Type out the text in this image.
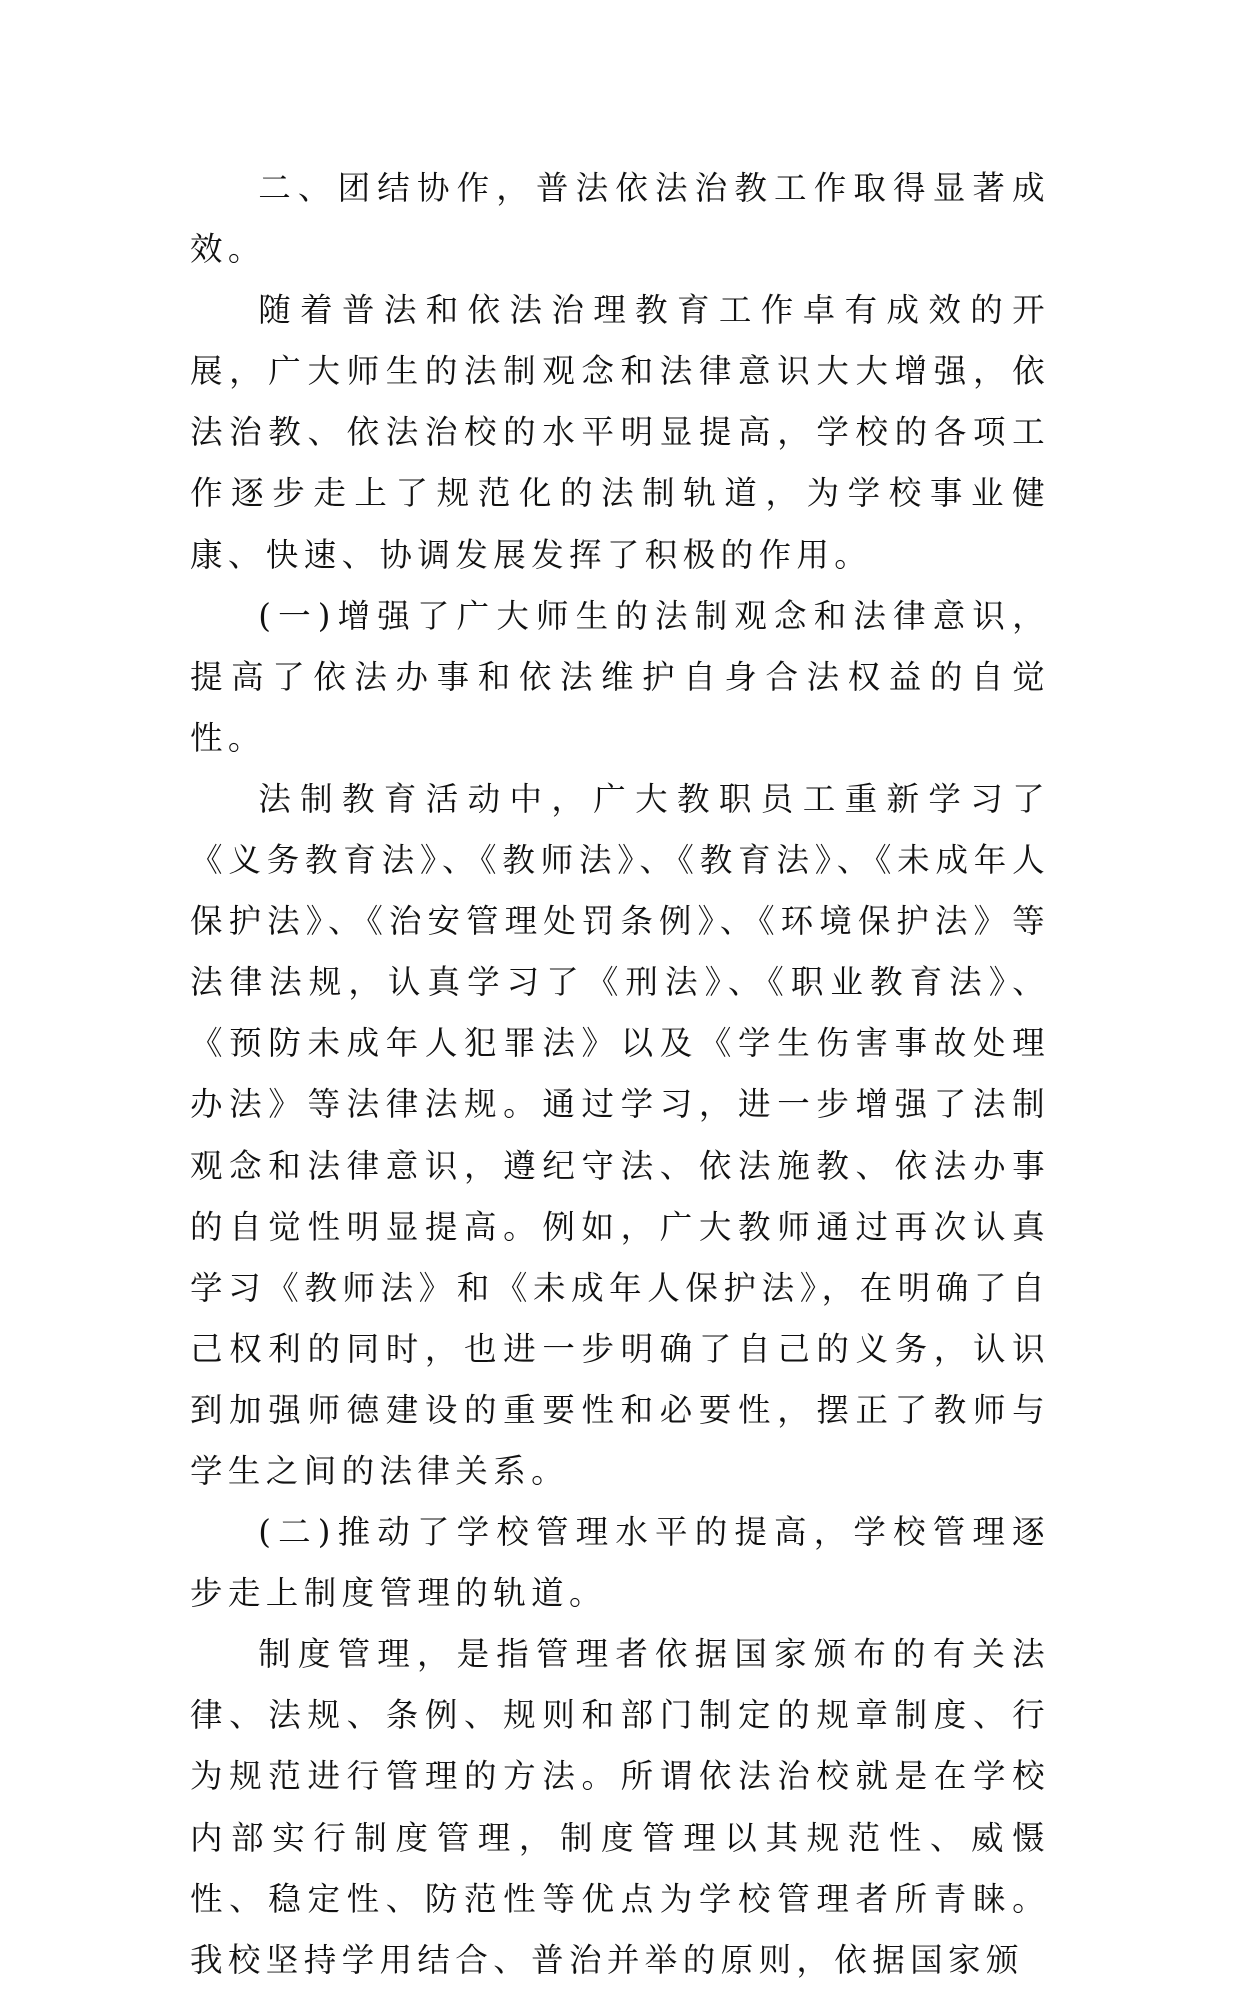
二、团结协作，普法依法治教工作取得显著成效。

随着普法和依法治理教育工作卓有成效的开展，广大师生的法制观念和法律意识大大增强，依法治教、依法治校的水平明显提高，学校的各项工作逐步走上了规范化的法制轨道，为学校事业健康、快速、协调发展发挥了积极的作用。

(一)增强了广大师生的法制观念和法律意识，提高了依法办事和依法维护自身合法权益的自觉性。

法制教育活动中，广大教职员工重新学习了《义务教育法》、《教师法》、《教育法》、《未成年人保护法》、《治安管理处罚条例》、《环境保护法》等法律法规，认真学习了《刑法》、《职业教育法》、《预防未成年人犯罪法》以及《学生伤害事故处理办法》等法律法规。通过学习，进一步增强了法制观念和法律意识，遵纪守法、依法施教、依法办事的自觉性明显提高。例如，广大教师通过再次认真学习《教师法》和《未成年人保护法》，在明确了自己权利的同时，也进一步明确了自己的义务，认识到加强师德建设的重要性和必要性，摆正了教师与学生之间的法律关系。

(二)推动了学校管理水平的提高，学校管理逐步走上制度管理的轨道。

制度管理，是指管理者依据国家颁布的有关法律、法规、条例、规则和部门制定的规章制度、行为规范进行管理的方法。所谓依法治校就是在学校内部实行制度管理，制度管理以其规范性、威慑性、稳定性、防范性等优点为学校管理者所青睐。我校坚持学用结合、普治并举的原则，依据国家颁
